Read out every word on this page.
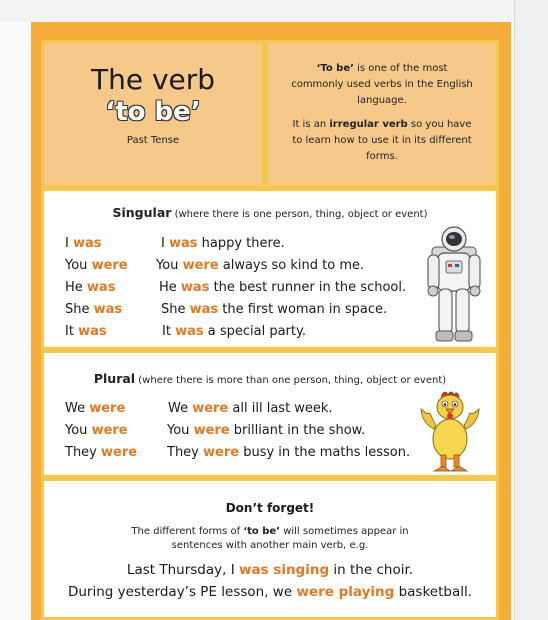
The verb
‘to be’
Past Tense

‘To be’ is one of the most commonly used verbs in the English language.

It is an irregular verb so you have to learn how to use it in its different forms.

Singular (where there is one person, thing, object or event)
I was	I was happy there.
You were You were always so kind to me.
He was	He was the best runner in the school.
She was	She was the first woman in space.
It was	It was a special party.
Plural (where there is more than one person, thing, object or event)
We were	We were all ill last week.
You were	You were brilliant in the show.
They were They were busy in the maths lesson.
Don’t forget!
The different forms of ‘to be’ will sometimes appear in sentences with another main verb, e.g.
Last Thursday, I was singing in the choir.
During yesterday’s PE lesson, we were playing basketball.
